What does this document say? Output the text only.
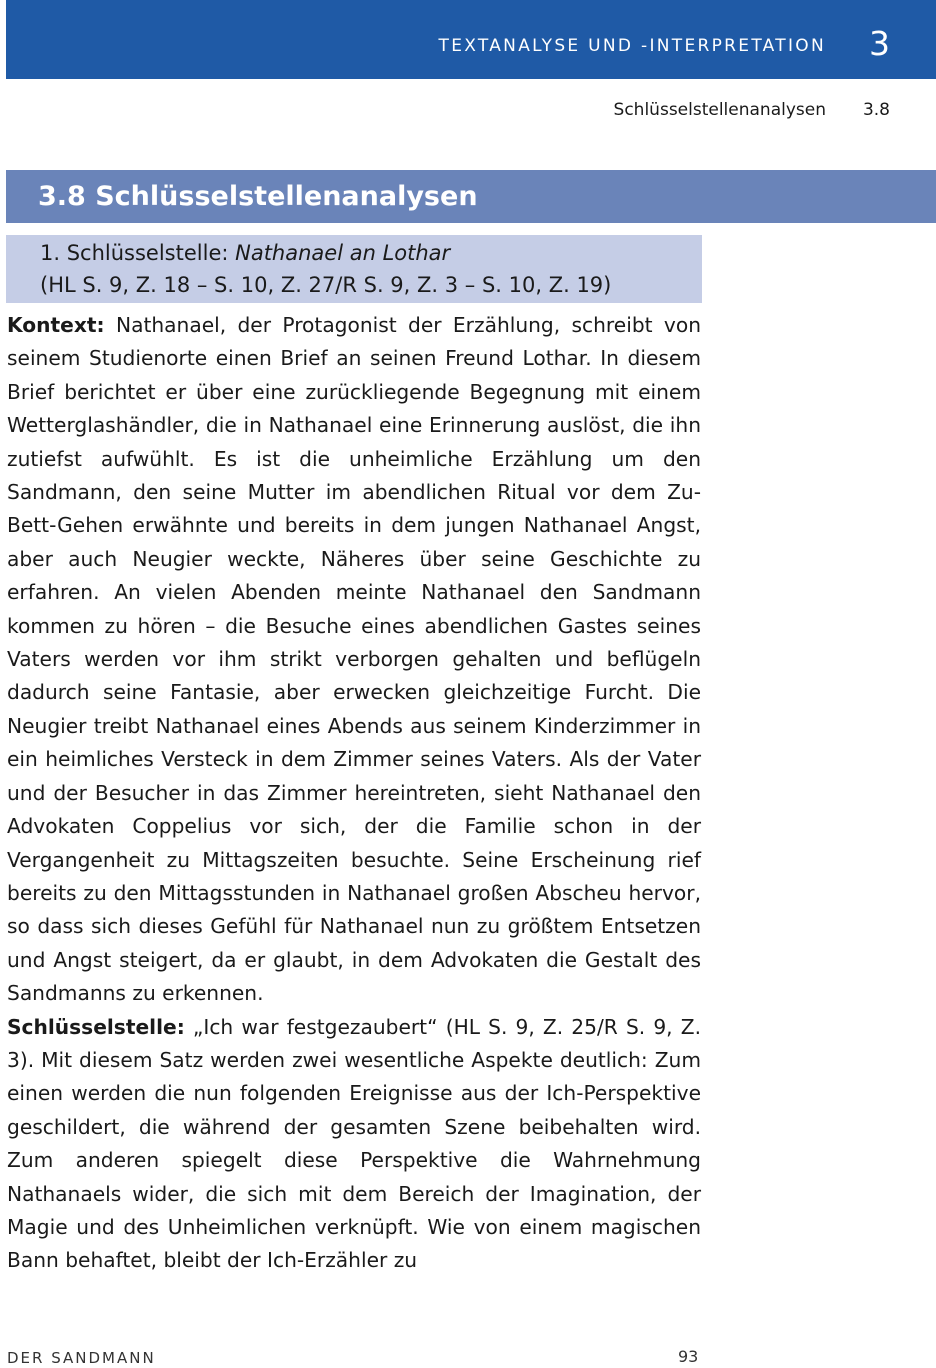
TEXTANALYSE UND -INTERPRETATION 3
Schlüsselstellenanalysen 3.8
3.8 Schlüsselstellenanalysen
1. Schlüsselstelle: Nathanael an Lothar
(HL S. 9, Z. 18 – S. 10, Z. 27/R S. 9, Z. 3 – S. 10, Z. 19)

Kontext: Nathanael, der Protagonist der Erzählung, schreibt von seinem Studienorte einen Brief an seinen Freund Lothar. In diesem Brief berichtet er über eine zurückliegende Begegnung mit einem Wetterglashändler, die in Nathanael eine Erinnerung auslöst, die ihn zutiefst aufwühlt. Es ist die unheimliche Erzählung um den Sandmann, den seine Mutter im abendlichen Ritual vor dem Zu-Bett-Gehen erwähnte und bereits in dem jungen Nathanael Angst, aber auch Neugier weckte, Näheres über seine Geschichte zu erfahren. An vielen Abenden meinte Nathanael den Sandmann kommen zu hören – die Besuche eines abendlichen Gastes seines Vaters werden vor ihm strikt verborgen gehalten und beflügeln dadurch seine Fantasie, aber erwecken gleichzeitige Furcht. Die Neugier treibt Nathanael eines Abends aus seinem Kinderzimmer in ein heimliches Versteck in dem Zimmer seines Vaters. Als der Vater und der Besucher in das Zimmer hereintreten, sieht Nathanael den Advokaten Coppelius vor sich, der die Familie schon in der Vergangenheit zu Mittagszeiten besuchte. Seine Erscheinung rief bereits zu den Mittagsstunden in Nathanael großen Abscheu hervor, so dass sich dieses Gefühl für Nathanael nun zu größtem Entsetzen und Angst steigert, da er glaubt, in dem Advokaten die Gestalt des Sandmanns zu erkennen.

Schlüsselstelle: „Ich war festgezaubert“ (HL S. 9, Z. 25/R S. 9, Z. 3). Mit diesem Satz werden zwei wesentliche Aspekte deutlich: Zum einen werden die nun folgenden Ereignisse aus der Ich-Perspektive geschildert, die während der gesamten Szene beibehalten wird. Zum anderen spiegelt diese Perspektive die Wahrnehmung Nathanaels wider, die sich mit dem Bereich der Imagination, der Magie und des Unheimlichen verknüpft. Wie von einem magischen Bann behaftet, bleibt der Ich-Erzähler zu

DER SANDMANN	93
